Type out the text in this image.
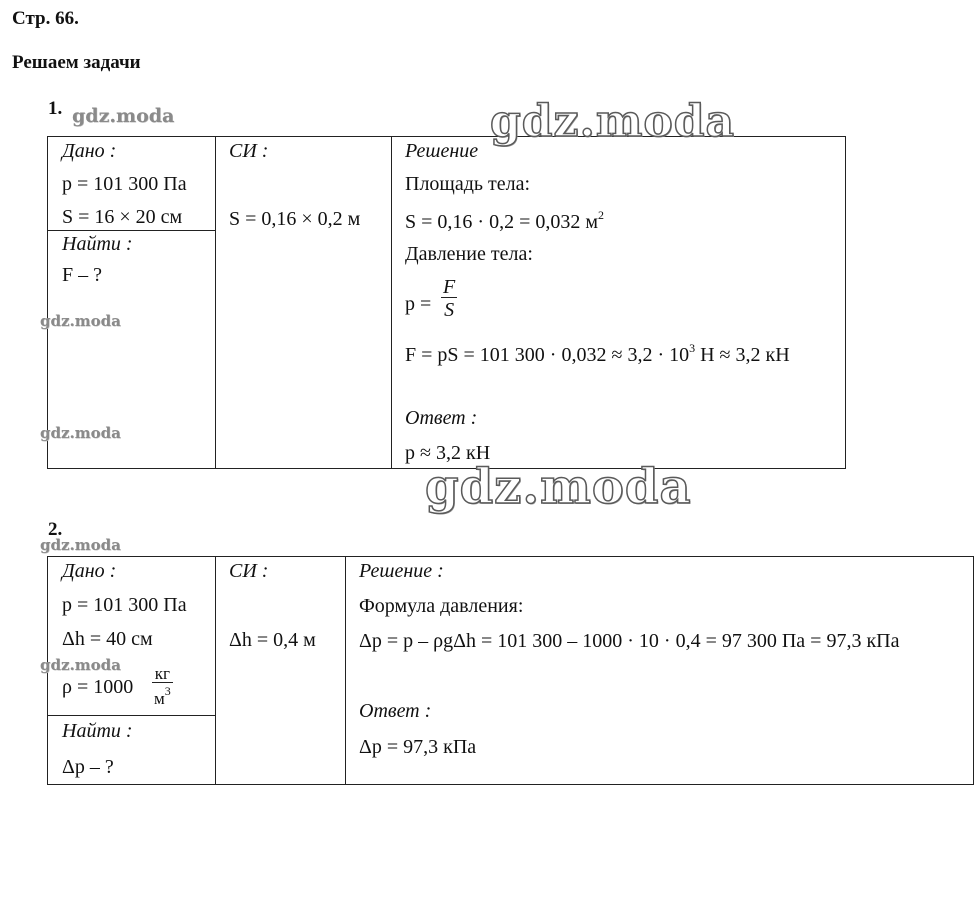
Стр. 66.
Решаем задачи
1.
Дано :
p = 101 300 Па
S = 16 × 20 см
Найти :
F – ?
СИ :
S = 0,16 × 0,2 м
Решение
Площадь тела:
S = 0,16 · 0,2 = 0,032 $м^2$
Давление тела:
$p = \frac{F}{S}$
F = pS = 101 $300 \cdot 0,032 \approx 3,2 \cdot 10^3$ Н ≈ 3,2 кН
Ответ :
p ≈ 3,2 кН
2.
Дано :
p = 101 300 Па
Δh = 40 см
ρ = 1000
кг
$м^3$
Найти :
Δp – ?
СИ :
Δh = 0,4 м
Решение :
Формула давления:
Δp = p – ρgΔh = 101 300 – 1000 · 10 · 0,4 = 97 300 Па = 97,3 кПа
Ответ :
Δp = 97,3 кПа
gdz.moda
gdz.moda
gdz.moda
gdz.moda
gdz.moda
gdz.moda
gdz.moda
